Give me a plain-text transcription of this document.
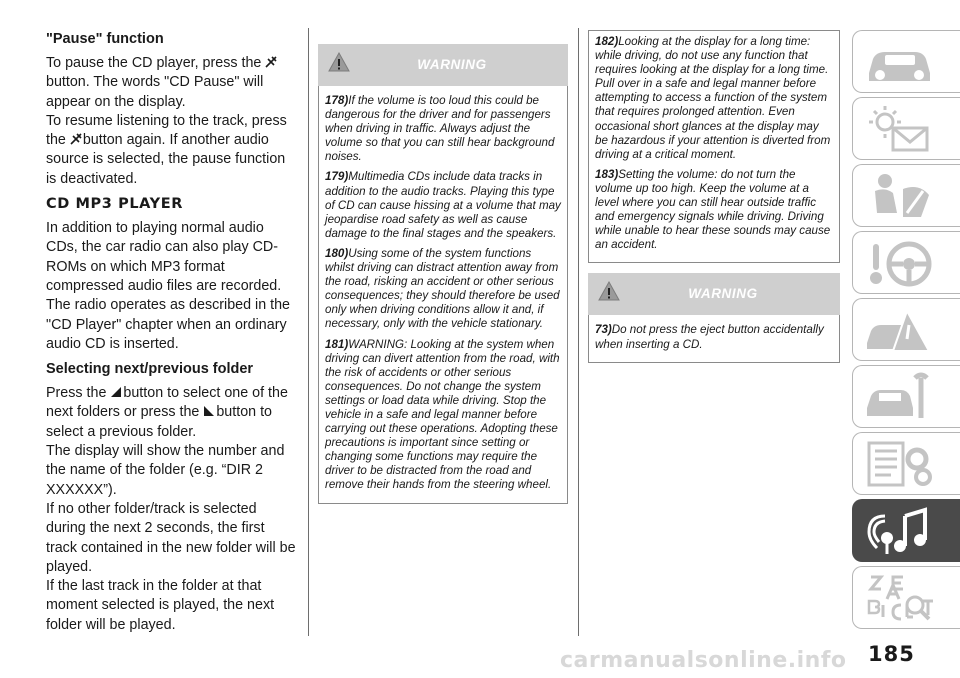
"Pause" function

To pause the CD player, press the button. The words "CD Pause" will appear on the display.

To resume listening to the track, press the button again. If another audio source is selected, the pause function is deactivated.

CD MP3 PLAYER

In addition to playing normal audio CDs, the car radio can also play CD-ROMs on which MP3 format compressed audio files are recorded. The radio operates as described in the "CD Player" chapter when an ordinary audio CD is inserted.

Selecting next/previous folder

Press the button to select one of the next folders or press the button to select a previous folder.

The display will show the number and the name of the folder (e.g. “DIR 2 XXXXXX”).

If no other folder/track is selected during the next 2 seconds, the first track contained in the new folder will be played.

If the last track in the folder at that moment selected is played, the next folder will be played.

WARNING

178)If the volume is too loud this could be dangerous for the driver and for passengers when driving in traffic. Always adjust the volume so that you can still hear background noises.

179)Multimedia CDs include data tracks in addition to the audio tracks. Playing this type of CD can cause hissing at a volume that may jeopardise road safety as well as cause damage to the final stages and the speakers.

180)Using some of the system functions whilst driving can distract attention away from the road, risking an accident or other serious consequences; they should therefore be used only when driving conditions allow it and, if necessary, only with the vehicle stationary.

181)WARNING: Looking at the system when driving can divert attention from the road, with the risk of accidents or other serious consequences. Do not change the system settings or load data while driving. Stop the vehicle in a safe and legal manner before carrying out these operations. Adopting these precautions is important since setting or changing some functions may require the driver to be distracted from the road and remove their hands from the steering wheel.

182)Looking at the display for a long time: while driving, do not use any function that requires looking at the display for a long time. Pull over in a safe and legal manner before attempting to access a function of the system that requires prolonged attention. Even occasional short glances at the display may be hazardous if your attention is diverted from driving at a critical moment.

183)Setting the volume: do not turn the volume up too high. Keep the volume at a level where you can still hear outside traffic and emergency signals while driving. Driving while unable to hear these sounds may cause an accident.

WARNING

73)Do not press the eject button accidentally when inserting a CD.

carmanualsonline.info 185
